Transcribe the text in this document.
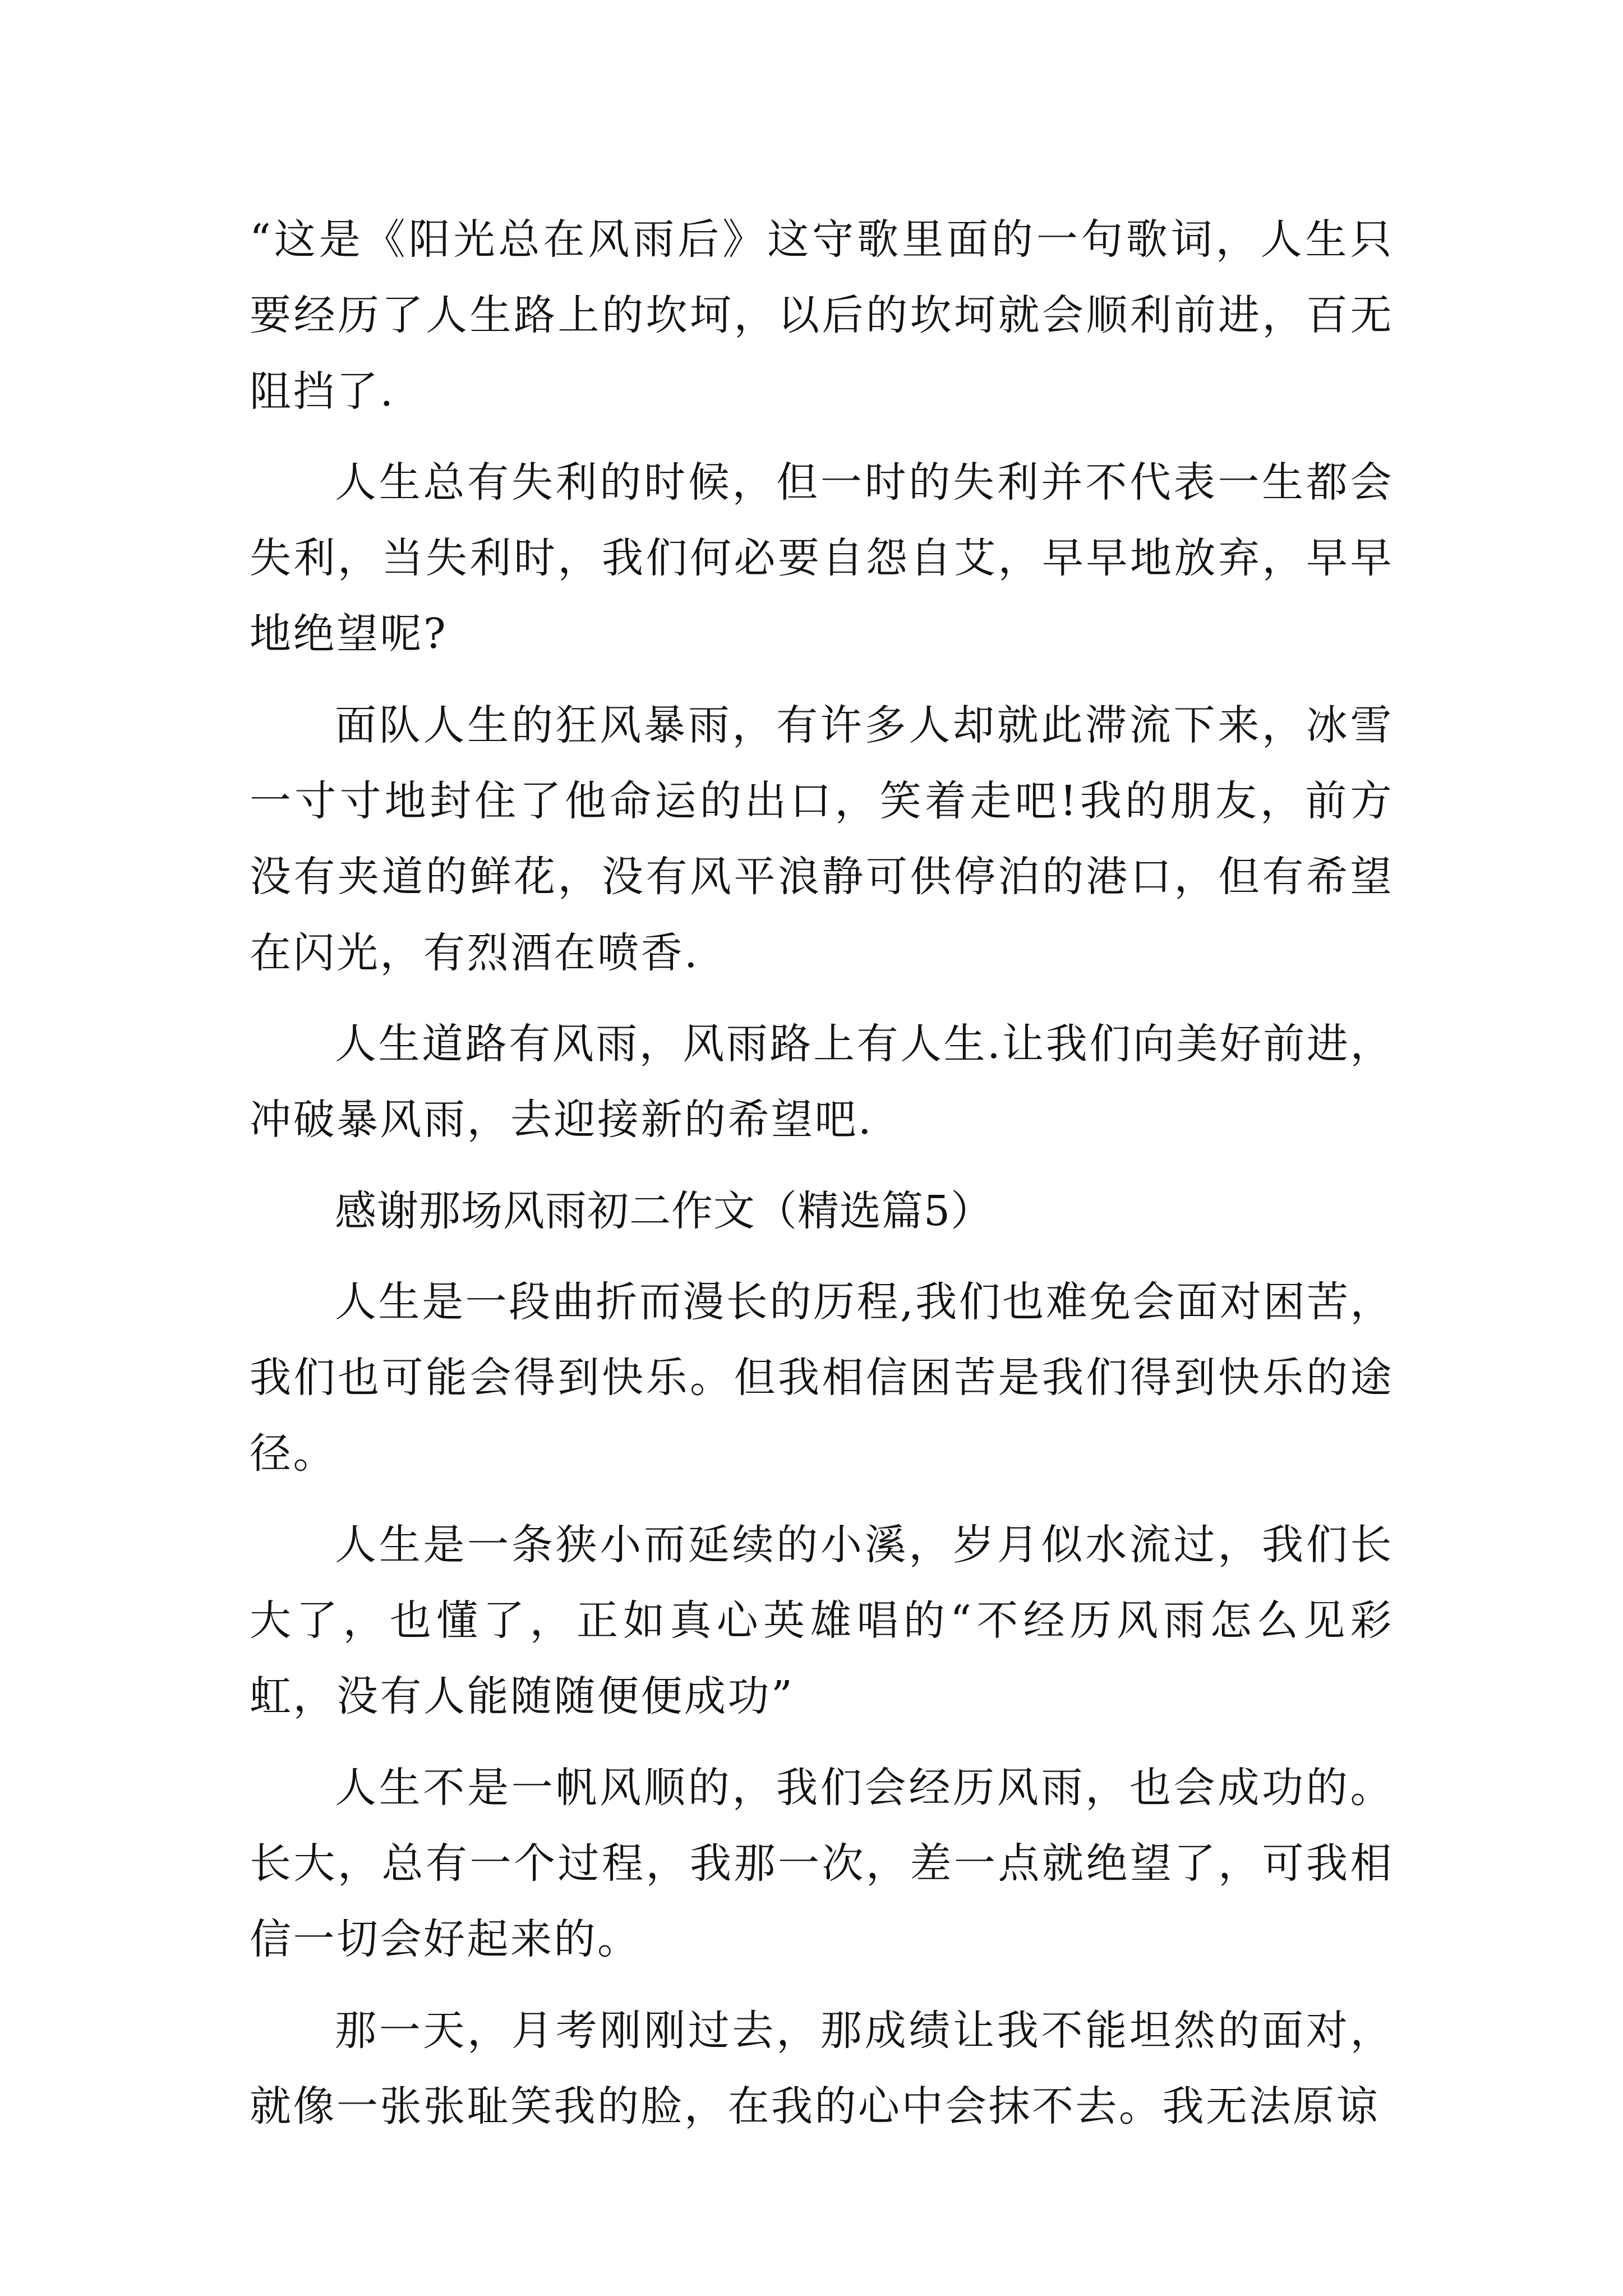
“这是《阳光总在风雨后》这守歌里面的一句歌词，人生只要经历了人生路上的坎坷，以后的坎坷就会顺利前进，百无阻挡了.

人生总有失利的时候，但一时的失利并不代表一生都会失利，当失利时，我们何必要自怨自艾，早早地放弃，早早地绝望呢?

面队人生的狂风暴雨，有许多人却就此滞流下来，冰雪一寸寸地封住了他命运的出口，笑着走吧!我的朋友，前方没有夹道的鲜花，没有风平浪静可供停泊的港口，但有希望在闪光，有烈酒在喷香.

人生道路有风雨，风雨路上有人生.让我们向美好前进，冲破暴风雨，去迎接新的希望吧.

感谢那场风雨初二作文（精选篇5）

人生是一段曲折而漫长的历程,我们也难免会面对困苦，我们也可能会得到快乐。但我相信困苦是我们得到快乐的途径。

人生是一条狭小而延续的小溪，岁月似水流过，我们长大了，也懂了，正如真心英雄唱的“不经历风雨怎么见彩虹，没有人能随随便便成功”

人生不是一帆风顺的，我们会经历风雨，也会成功的。长大，总有一个过程，我那一次，差一点就绝望了，可我相信一切会好起来的。

那一天，月考刚刚过去，那成绩让我不能坦然的面对，就像一张张耻笑我的脸，在我的心中会抹不去。我无法原谅
